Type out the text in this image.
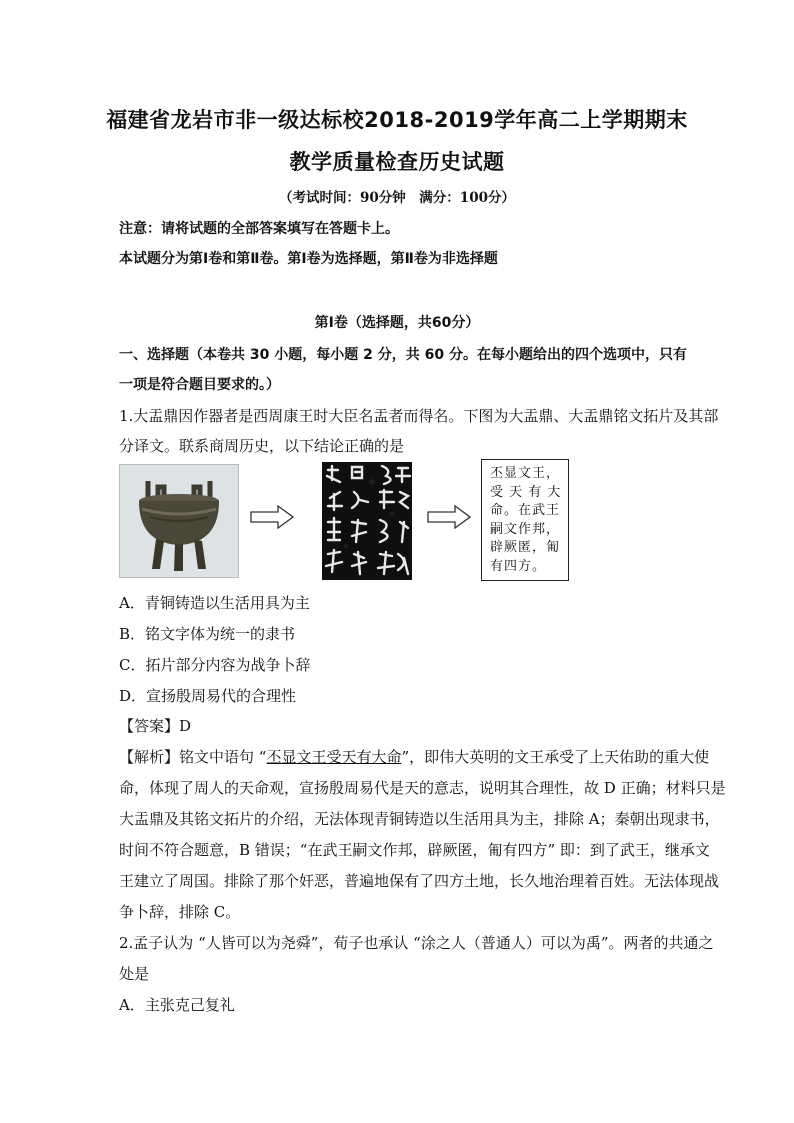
福建省龙岩市非一级达标校2018-2019学年高二上学期期末
教学质量检查历史试题
（考试时间：90分钟　满分：100分）
注意：请将试题的全部答案填写在答题卡上。
本试题分为第Ⅰ卷和第Ⅱ卷。第Ⅰ卷为选择题，第Ⅱ卷为非选择题
第Ⅰ卷（选择题，共60分）
一、选择题（本卷共 30 小题，每小题 2 分，共 60 分。在每小题给出的四个选项中，只有
一项是符合题目要求的。）
1.大盂鼎因作器者是西周康王时大臣名盂者而得名。下图为大盂鼎、大盂鼎铭文拓片及其部
分译文。联系商周历史，以下结论正确的是
丕显文王，
受 天 有 大
命。在武王
嗣文作邦，
辟厥匿，匍
有四方。
A．青铜铸造以生活用具为主
B．铭文字体为统一的隶书
C．拓片部分内容为战争卜辞
D．宣扬殷周易代的合理性
【答案】D
【解析】铭文中语句 “丕显文王受天有大命”，即伟大英明的文王承受了上天佑助的重大使
命，体现了周人的天命观，宣扬殷周易代是天的意志，说明其合理性，故 D 正确；材料只是
大盂鼎及其铭文拓片的介绍，无法体现青铜铸造以生活用具为主，排除 A；秦朝出现隶书，
时间不符合题意，B 错误；“在武王嗣文作邦，辟厥匿，匍有四方” 即：到了武王，继承文
王建立了周国。排除了那个奸恶，普遍地保有了四方土地，长久地治理着百姓。无法体现战
争卜辞，排除 C。
2.孟子认为 “人皆可以为尧舜”，荀子也承认 “涂之人（普通人）可以为禹”。两者的共通之
处是
A．主张克己复礼
